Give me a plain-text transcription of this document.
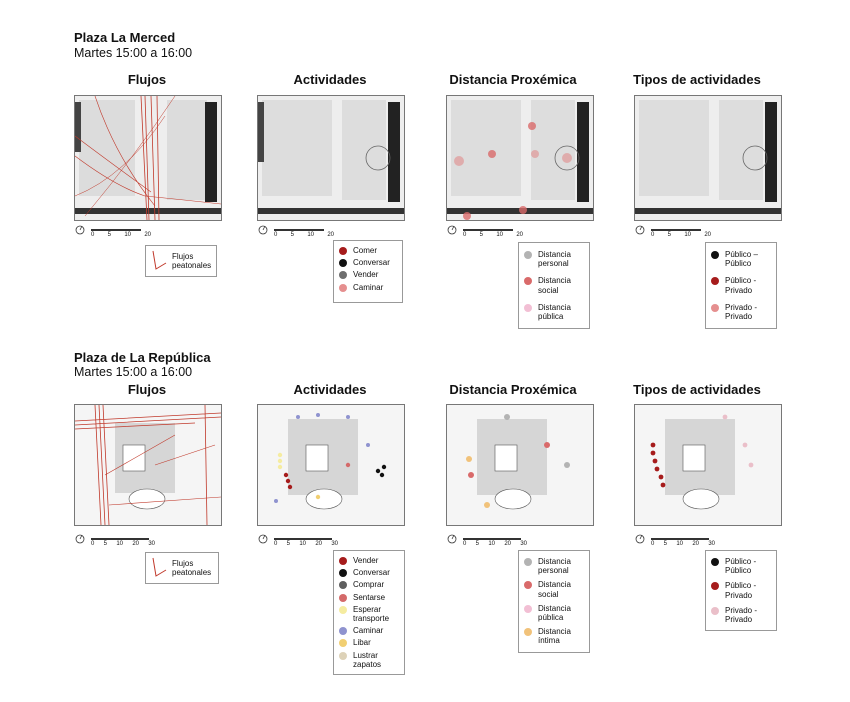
Plaza La Merced
Martes 15:00 a 16:00
Flujos	Actividades	Distancia Proxémica	Tipos de actividades
0 5 10 20	0 5 10 20	0 5 10 20	0 5 10 20
Flujos
peatonales
Comer
Conversar
Vender
Caminar
Distancia
personal
Distancia
social
Distancia
pública
Público –
Público
Público -
Privado
Privado -
Privado
Plaza de La República
Martes 15:00 a 16:00
Flujos	Actividades	Distancia Proxémica	Tipos de actividades
0 5 10 20 30	0 5 10 20 30	0 5 10 20 30	0 5 10 20 30
Flujos
peatonales
Vender
Conversar
Comprar
Sentarse
Esperar
transporte
Caminar
Libar
Lustrar
zapatos
Distancia
personal
Distancia
social
Distancia
pública
Distancia
íntima
Público -
Público
Público -
Privado
Privado -
Privado
